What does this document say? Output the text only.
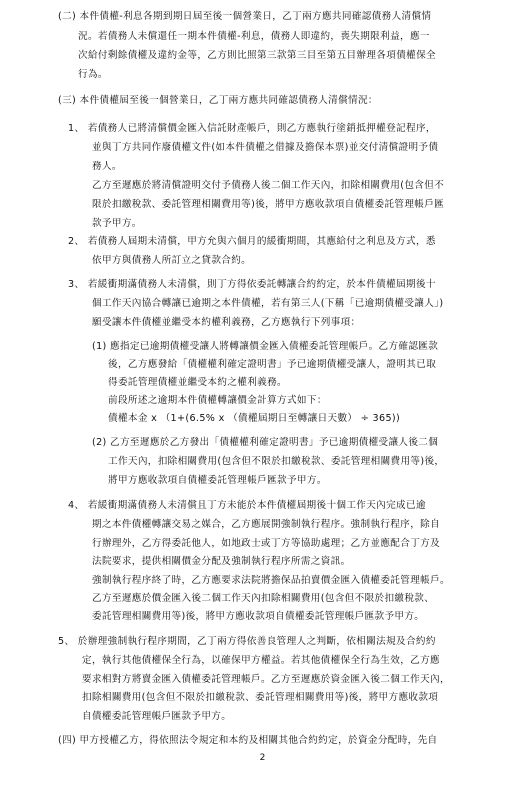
(二) 本件債權-利息各期到期日屆至後一個營業日，乙丁兩方應共同確認債務人清償情
況。若債務人未償還任一期本件債權-利息，債務人即違約，喪失期限利益，應一
次給付剩餘債權及違約金等，乙方則比照第三款第三目至第五目辦理各項債權保全
行為。
(三) 本件債權屆至後一個營業日，乙丁兩方應共同確認債務人清償情況：
1、 若債務人已將清償價金匯入信託財產帳戶，則乙方應執行塗銷抵押權登記程序，
並與丁方共同作廢債權文件(如本件債權之借據及擔保本票)並交付清償證明予債
務人。
乙方至遲應於將清償證明交付予債務人後二個工作天內，扣除相關費用(包含但不
限於扣繳稅款、委託管理相關費用等)後，將甲方應收款項自債權委託管理帳戶匯
款予甲方。
2、 若債務人屆期未清償，甲方允與六個月的緩衝期間，其應給付之利息及方式，悉
依甲方與債務人所訂立之貸款合約。
3、 若緩衝期滿債務人未清償，則丁方得依委託轉讓合約約定，於本件債權屆期後十
個工作天內協合轉讓已逾期之本件債權，若有第三人(下稱「已逾期債權受讓人」)
願受讓本件債權並繼受本約權利義務，乙方應執行下列事項：
(1) 應指定已逾期債權受讓人將轉讓價金匯入債權委託管理帳戶。乙方確認匯款
後，乙方應發給「債權權利確定證明書」予已逾期債權受讓人，證明其已取
得委託管理債權並繼受本約之權利義務。
前段所述之逾期本件債權轉讓價金計算方式如下：
債權本金 x （1+(6.5% x （債權屆期日至轉讓日天數） ÷ 365))
(2) 乙方至遲應於乙方發出「債權權利確定證明書」予已逾期債權受讓人後二個
工作天內，扣除相關費用(包含但不限於扣繳稅款、委託管理相關費用等)後，
將甲方應收款項自債權委託管理帳戶匯款予甲方。
4、 若緩衝期滿債務人未清償且丁方未能於本件債權屆期後十個工作天內完成已逾
期之本件債權轉讓交易之媒合，乙方應展開強制執行程序。強制執行程序，除自
行辦理外，乙方得委託他人，如地政士或丁方等協助處理；乙方並應配合丁方及
法院要求，提供相關價金分配及強制執行程序所需之資訊。
強制執行程序終了時，乙方應要求法院將擔保品拍賣價金匯入債權委託管理帳戶。
乙方至遲應於價金匯入後二個工作天內扣除相關費用(包含但不限於扣繳稅款、
委託管理相關費用等)後，將甲方應收款項自債權委託管理帳戶匯款予甲方。
5、 於辦理強制執行程序期間，乙丁兩方得依善良管理人之判斷，依相關法規及合約約
定，執行其他債權保全行為，以確保甲方權益。若其他債權保全行為生效，乙方應
要求相對方將賣金匯入債權委託管理帳戶。乙方至遲應於資金匯入後二個工作天內，
扣除相關費用(包含但不限於扣繳稅款、委託管理相關費用等)後，將甲方應收款項
自債權委託管理帳戶匯款予甲方。
(四) 甲方授權乙方，得依照法令規定和本約及相關其他合約約定，於資金分配時，先自
2
